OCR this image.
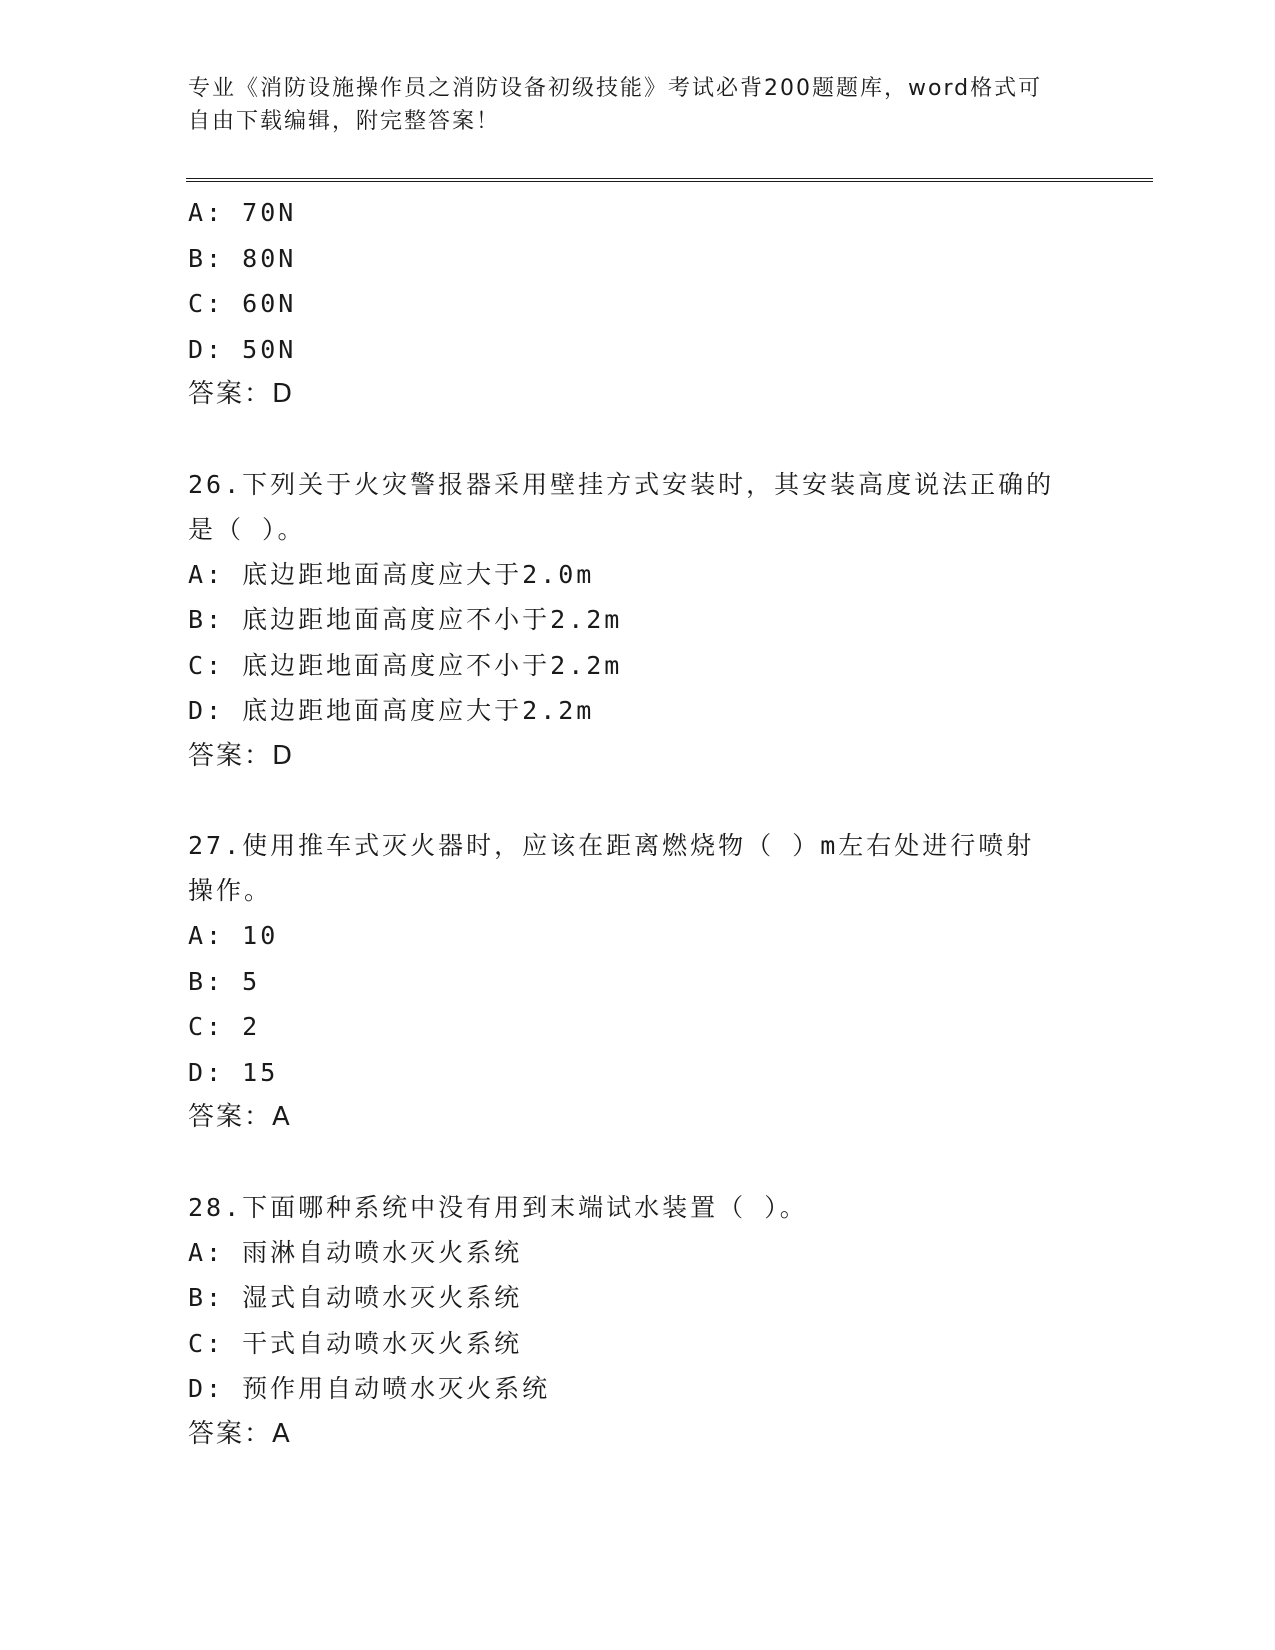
专业《消防设施操作员之消防设备初级技能》考试必背200题题库，word格式可
自由下载编辑，附完整答案！
A: 70N
B: 80N
C: 60N
D: 50N
答案：D
26.下列关于火灾警报器采用壁挂方式安装时，其安装高度说法正确的
是（ ）。
A: 底边距地面高度应大于2.0m
B: 底边距地面高度应不小于2.2m
C: 底边距地面高度应不小于2.2m
D: 底边距地面高度应大于2.2m
答案：D
27.使用推车式灭火器时，应该在距离燃烧物（ ）m左右处进行喷射
操作。
A: 10
B: 5
C: 2
D: 15
答案：A
28.下面哪种系统中没有用到末端试水装置（ ）。
A: 雨淋自动喷水灭火系统
B: 湿式自动喷水灭火系统
C: 干式自动喷水灭火系统
D: 预作用自动喷水灭火系统
答案：A
